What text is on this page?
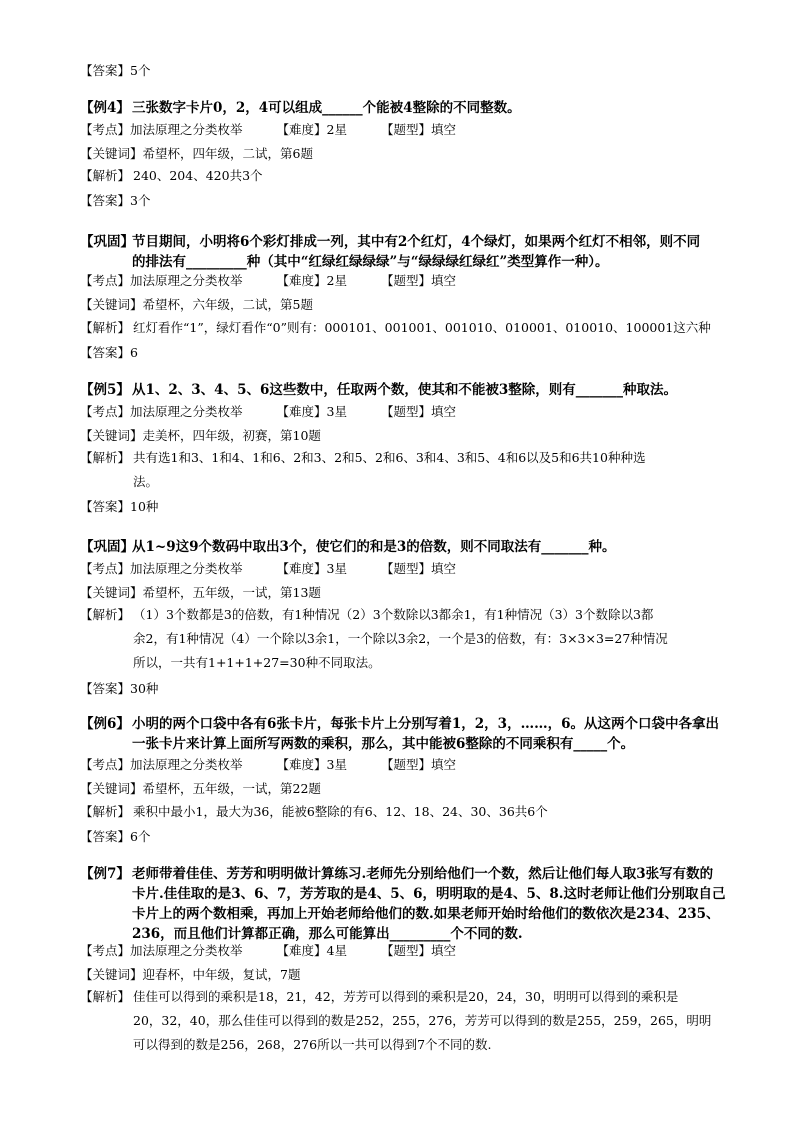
【答案】5个
【例4】 三张数字卡片0，2，4可以组成______个能被4整除的不同整数。
【考点】加法原理之分类枚举	【难度】2星	【题型】填空
【关键词】希望杯，四年级，二试，第6题
【解析】 240、204、420共3个
【答案】3个
【巩固】
节目期间，小明将6个彩灯排成一列，其中有2个红灯，4个绿灯，如果两个红灯不相邻，则不同
的排法有_________种（其中“红绿红绿绿绿”与“绿绿绿红绿红”类型算作一种）。
【考点】加法原理之分类枚举	【难度】2星	【题型】填空
【关键词】希望杯，六年级，二试，第5题
【解析】 红灯看作“1”，绿灯看作“0”则有：000101、001001、001010、010001、010010、100001这六种
【答案】6
【例5】 从1、2、3、4、5、6这些数中，任取两个数，使其和不能被3整除，则有_______种取法。
【考点】加法原理之分类枚举	【难度】3星	【题型】填空
【关键词】走美杯，四年级，初赛，第10题
【解析】 共有选1和3、1和4、1和6、2和3、2和5、2和6、3和4、3和5、4和6以及5和6共10种种选
法。
【答案】10种
【巩固】
从1~9这9个数码中取出3个，使它们的和是3的倍数，则不同取法有_______种。
【考点】加法原理之分类枚举	【难度】3星	【题型】填空
【关键词】希望杯，五年级，一试，第13题
【解析】 （1）3个数都是3的倍数，有1种情况（2）3个数除以3都余1，有1种情况（3）3个数除以3都
余2，有1种情况（4）一个除以3余1，一个除以3余2，一个是3的倍数，有：3×3×3=27种情况
所以，一共有1+1+1+27=30种不同取法。
【答案】30种
【例6】 小明的两个口袋中各有6张卡片，每张卡片上分别写着1，2，3，……，6。从这两个口袋中各拿出
一张卡片来计算上面所写两数的乘积，那么，其中能被6整除的不同乘积有_____个。
【考点】加法原理之分类枚举	【难度】3星	【题型】填空
【关键词】希望杯，五年级，一试，第22题
【解析】 乘积中最小1，最大为36，能被6整除的有6、12、18、24、30、36共6个
【答案】6个
【例7】 老师带着佳佳、芳芳和明明做计算练习.老师先分别给他们一个数，然后让他们每人取3张写有数的
卡片.佳佳取的是3、6、7，芳芳取的是4、5、6，明明取的是4、5、8.这时老师让他们分别取自己
卡片上的两个数相乘，再加上开始老师给他们的数.如果老师开始时给他们的数依次是234、235、
236，而且他们计算都正确，那么可能算出_________个不同的数.
【考点】加法原理之分类枚举	【难度】4星	【题型】填空
【关键词】迎春杯，中年级，复试，7题
【解析】 佳佳可以得到的乘积是18，21，42，芳芳可以得到的乘积是20，24，30，明明可以得到的乘积是
20，32，40，那么佳佳可以得到的数是252，255，276，芳芳可以得到的数是255，259，265，明明
可以得到的数是256，268，276所以一共可以得到7个不同的数.
